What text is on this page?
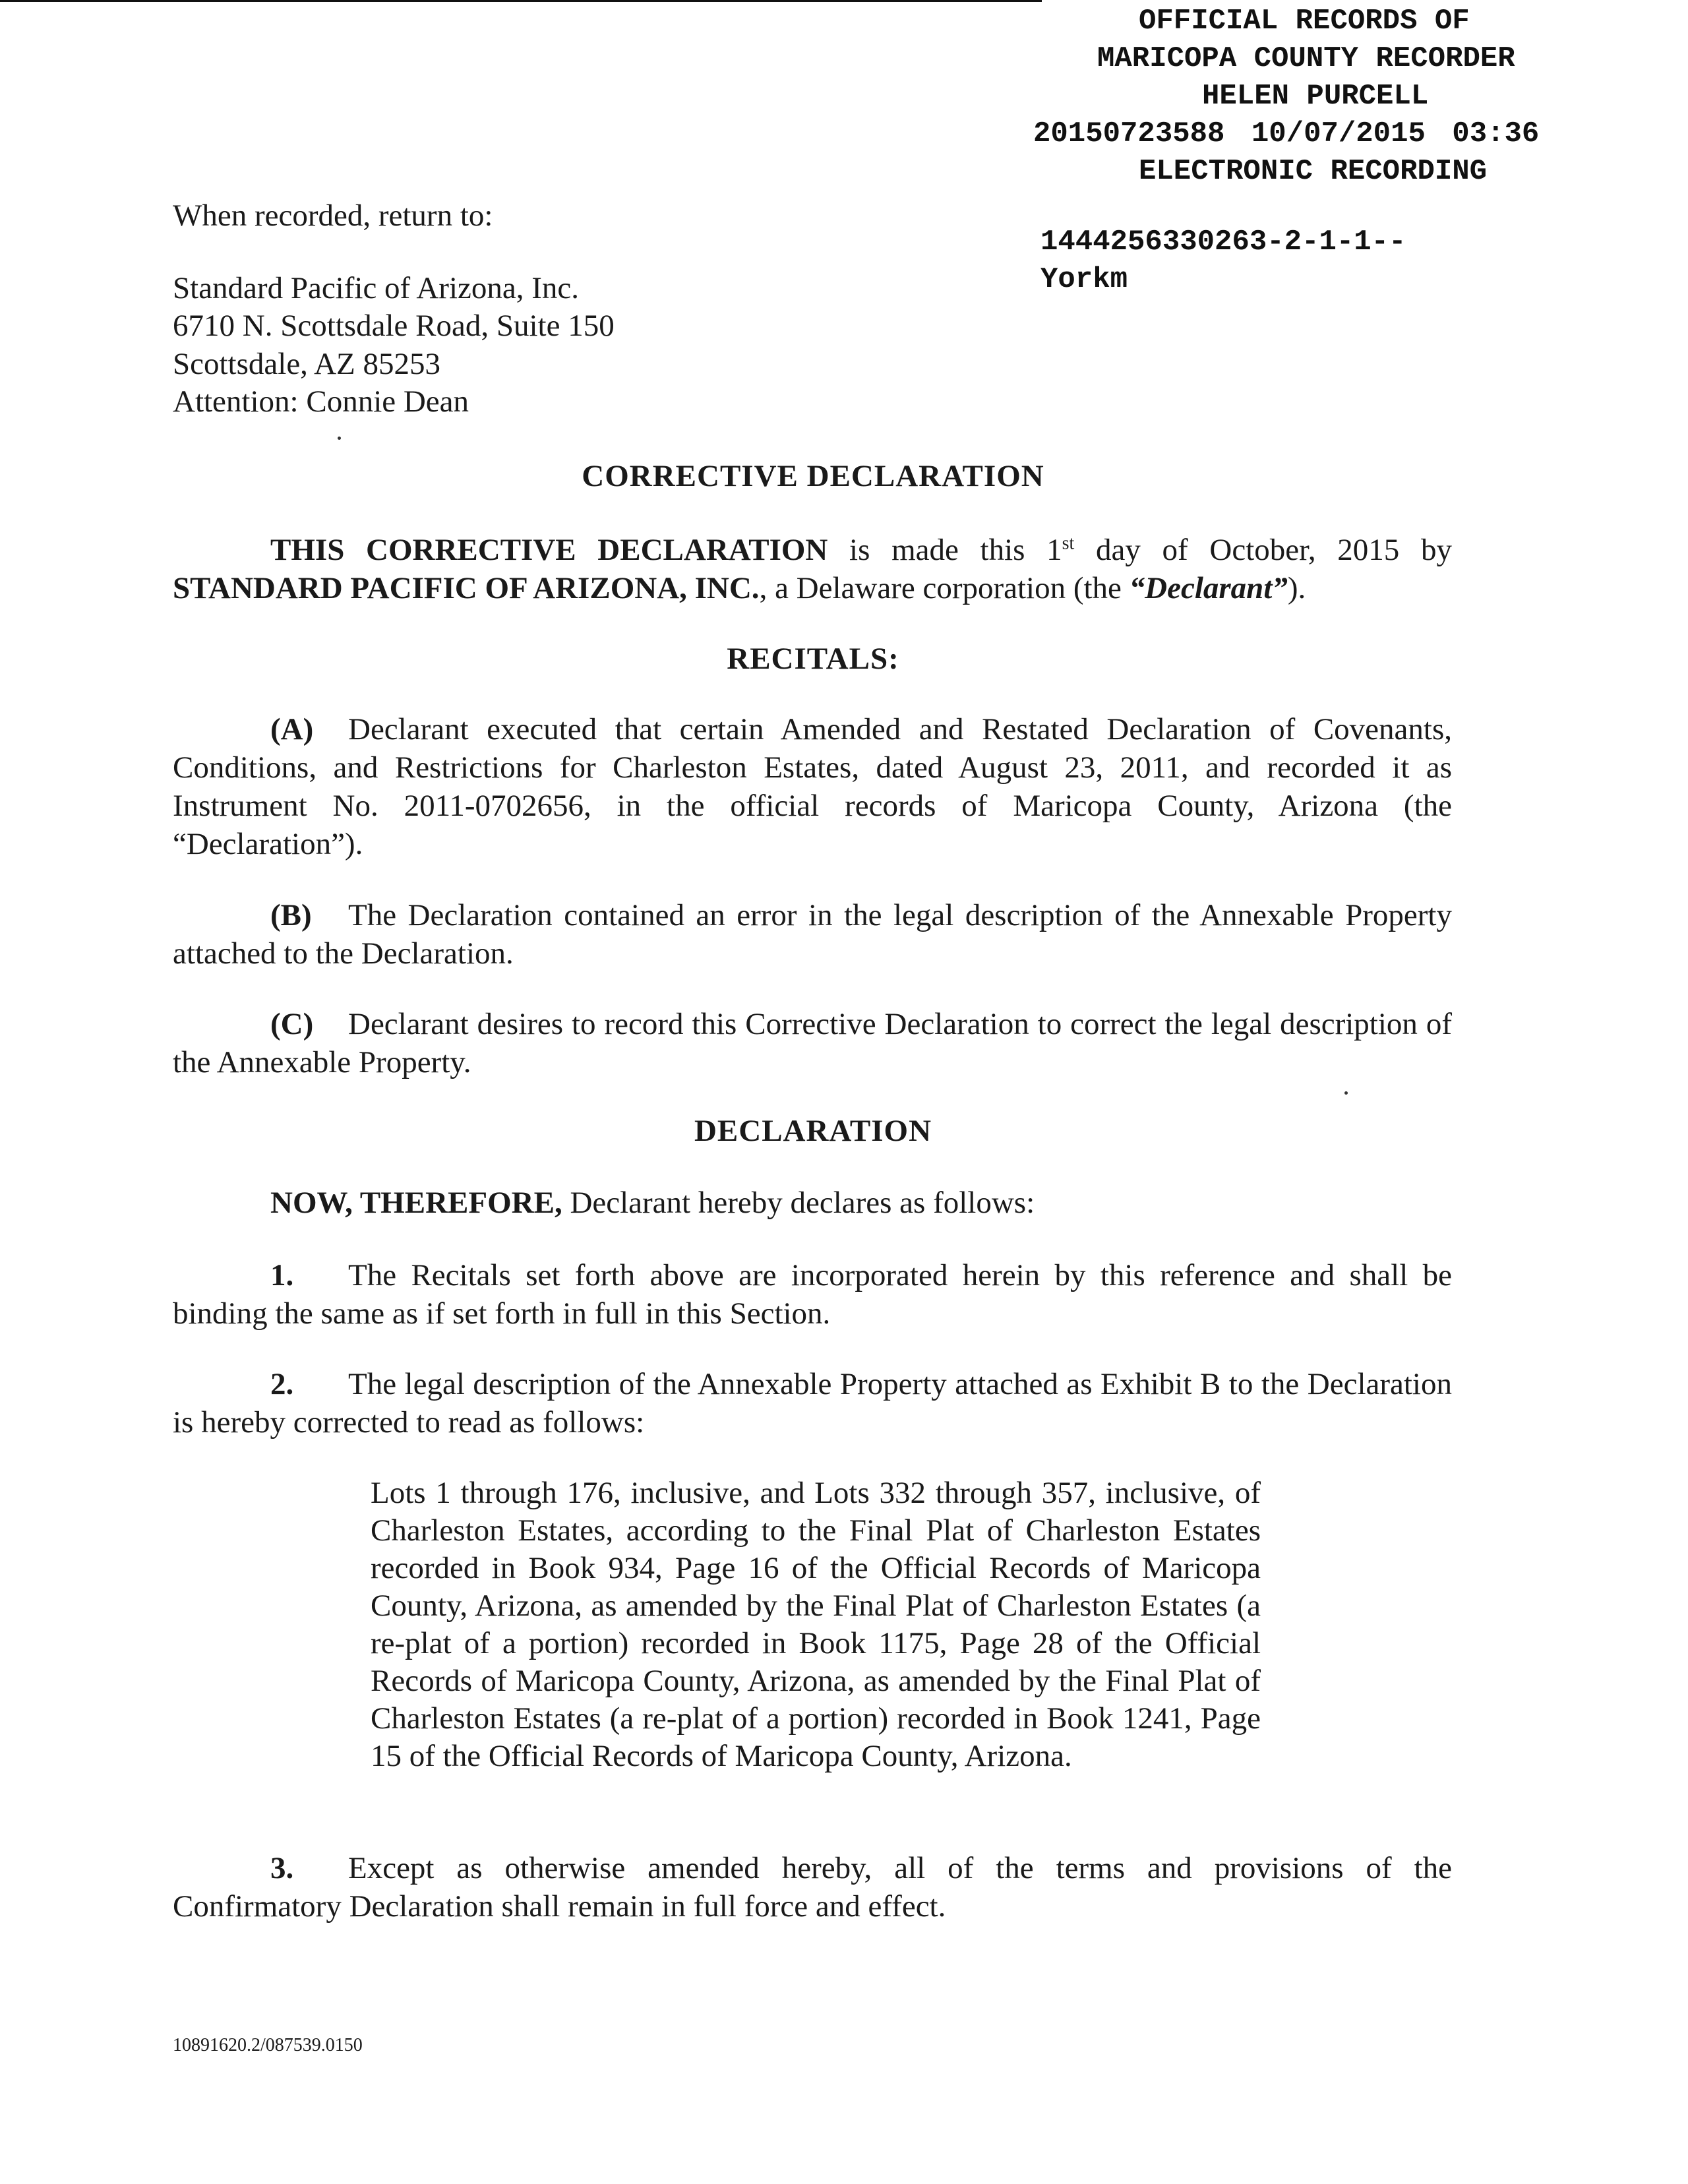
OFFICIAL RECORDS OF
MARICOPA COUNTY RECORDER
HELEN PURCELL
20150723588 10/07/2015 03:36
ELECTRONIC RECORDING
1444256330263-2-1-1--
Yorkm
When recorded, return to:
Standard Pacific of Arizona, Inc.
6710 N. Scottsdale Road, Suite 150
Scottsdale, AZ 85253
Attention: Connie Dean
CORRECTIVE DECLARATION
THIS CORRECTIVE DECLARATION is made this 1st day of October, 2015 by STANDARD PACIFIC OF ARIZONA, INC., a Delaware corporation (the “Declarant”).
RECITALS:
(A) Declarant executed that certain Amended and Restated Declaration of Covenants, Conditions, and Restrictions for Charleston Estates, dated August 23, 2011, and recorded it as Instrument No. 2011-0702656, in the official records of Maricopa County, Arizona (the “Declaration”).
(B) The Declaration contained an error in the legal description of the Annexable Property attached to the Declaration.
(C) Declarant desires to record this Corrective Declaration to correct the legal description of the Annexable Property.
DECLARATION
NOW, THEREFORE, Declarant hereby declares as follows:
1. The Recitals set forth above are incorporated herein by this reference and shall be binding the same as if set forth in full in this Section.
2. The legal description of the Annexable Property attached as Exhibit B to the Declaration is hereby corrected to read as follows:
Lots 1 through 176, inclusive, and Lots 332 through 357, inclusive, of Charleston Estates, according to the Final Plat of Charleston Estates recorded in Book 934, Page 16 of the Official Records of Maricopa County, Arizona, as amended by the Final Plat of Charleston Estates (a re-plat of a portion) recorded in Book 1175, Page 28 of the Official Records of Maricopa County, Arizona, as amended by the Final Plat of Charleston Estates (a re-plat of a portion) recorded in Book 1241, Page 15 of the Official Records of Maricopa County, Arizona.
3. Except as otherwise amended hereby, all of the terms and provisions of the Confirmatory Declaration shall remain in full force and effect.
10891620.2/087539.0150
